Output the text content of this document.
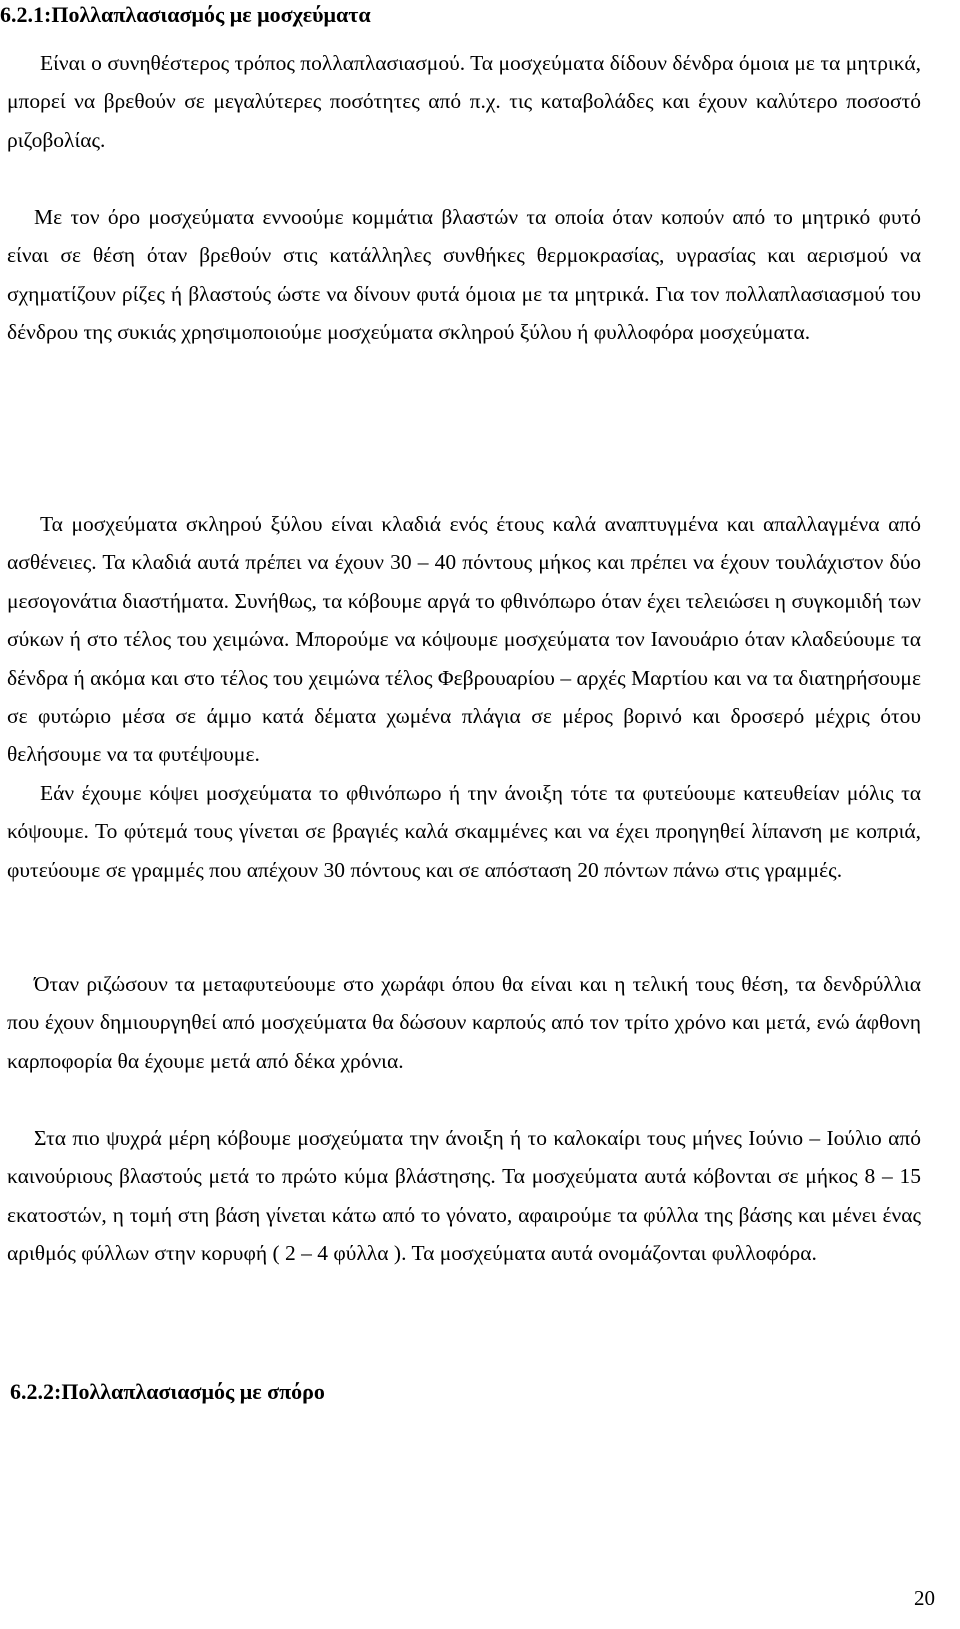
6.2.1:Πολλαπλασιασμός με μοσχεύματα

Είναι ο συνηθέστερος τρόπος πολλαπλασιασμού. Τα μοσχεύματα δίδουν δένδρα όμοια με τα μητρικά, μπορεί να βρεθούν σε μεγαλύτερες ποσότητες από π.χ. τις καταβολάδες και έχουν καλύτερο ποσοστό ριζοβολίας.

Με τον όρο μοσχεύματα εννοούμε κομμάτια βλαστών τα οποία όταν κοπούν από το μητρικό φυτό είναι σε θέση όταν βρεθούν στις κατάλληλες συνθήκες θερμοκρασίας, υγρασίας και αερισμού να σχηματίζουν ρίζες ή βλαστούς ώστε να δίνουν φυτά όμοια με τα μητρικά. Για τον πολλαπλασιασμού του δένδρου της συκιάς χρησιμοποιούμε μοσχεύματα σκληρού ξύλου ή φυλλοφόρα μοσχεύματα.

Τα μοσχεύματα σκληρού ξύλου είναι κλαδιά ενός έτους καλά αναπτυγμένα και απαλλαγμένα από ασθένειες. Τα κλαδιά αυτά πρέπει να έχουν 30 – 40 πόντους μήκος και πρέπει να έχουν τουλάχιστον δύο μεσογονάτια διαστήματα. Συνήθως, τα κόβουμε αργά το φθινόπωρο όταν έχει τελειώσει η συγκομιδή των σύκων ή στο τέλος του χειμώνα. Μπορούμε να κόψουμε μοσχεύματα τον Ιανουάριο όταν κλαδεύουμε τα δένδρα ή ακόμα και στο τέλος του χειμώνα τέλος Φεβρουαρίου – αρχές Μαρτίου και να τα διατηρήσουμε σε φυτώριο μέσα σε άμμο κατά δέματα χωμένα πλάγια σε μέρος βορινό και δροσερό μέχρις ότου θελήσουμε να τα φυτέψουμε.

Εάν έχουμε κόψει μοσχεύματα το φθινόπωρο ή την άνοιξη τότε τα φυτεύουμε κατευθείαν μόλις τα κόψουμε. Το φύτεμά τους γίνεται σε βραγιές καλά σκαμμένες και να έχει προηγηθεί λίπανση με κοπριά, φυτεύουμε σε γραμμές που απέχουν 30 πόντους και σε απόσταση 20 πόντων πάνω στις γραμμές.

Όταν ριζώσουν τα μεταφυτεύουμε στο χωράφι όπου θα είναι και η τελική τους θέση, τα δενδρύλλια που έχουν δημιουργηθεί από μοσχεύματα θα δώσουν καρπούς από τον τρίτο χρόνο και μετά, ενώ άφθονη καρποφορία θα έχουμε μετά από δέκα χρόνια.

Στα πιο ψυχρά μέρη κόβουμε μοσχεύματα την άνοιξη ή το καλοκαίρι τους μήνες Ιούνιο – Ιούλιο από καινούριους βλαστούς μετά το πρώτο κύμα βλάστησης. Τα μοσχεύματα αυτά κόβονται σε μήκος 8 – 15 εκατοστών, η τομή στη βάση γίνεται κάτω από το γόνατο, αφαιρούμε τα φύλλα της βάσης και μένει ένας αριθμός φύλλων στην κορυφή ( 2 – 4 φύλλα ). Τα μοσχεύματα αυτά ονομάζονται φυλλοφόρα.

6.2.2:Πολλαπλασιασμός με σπόρο
20
